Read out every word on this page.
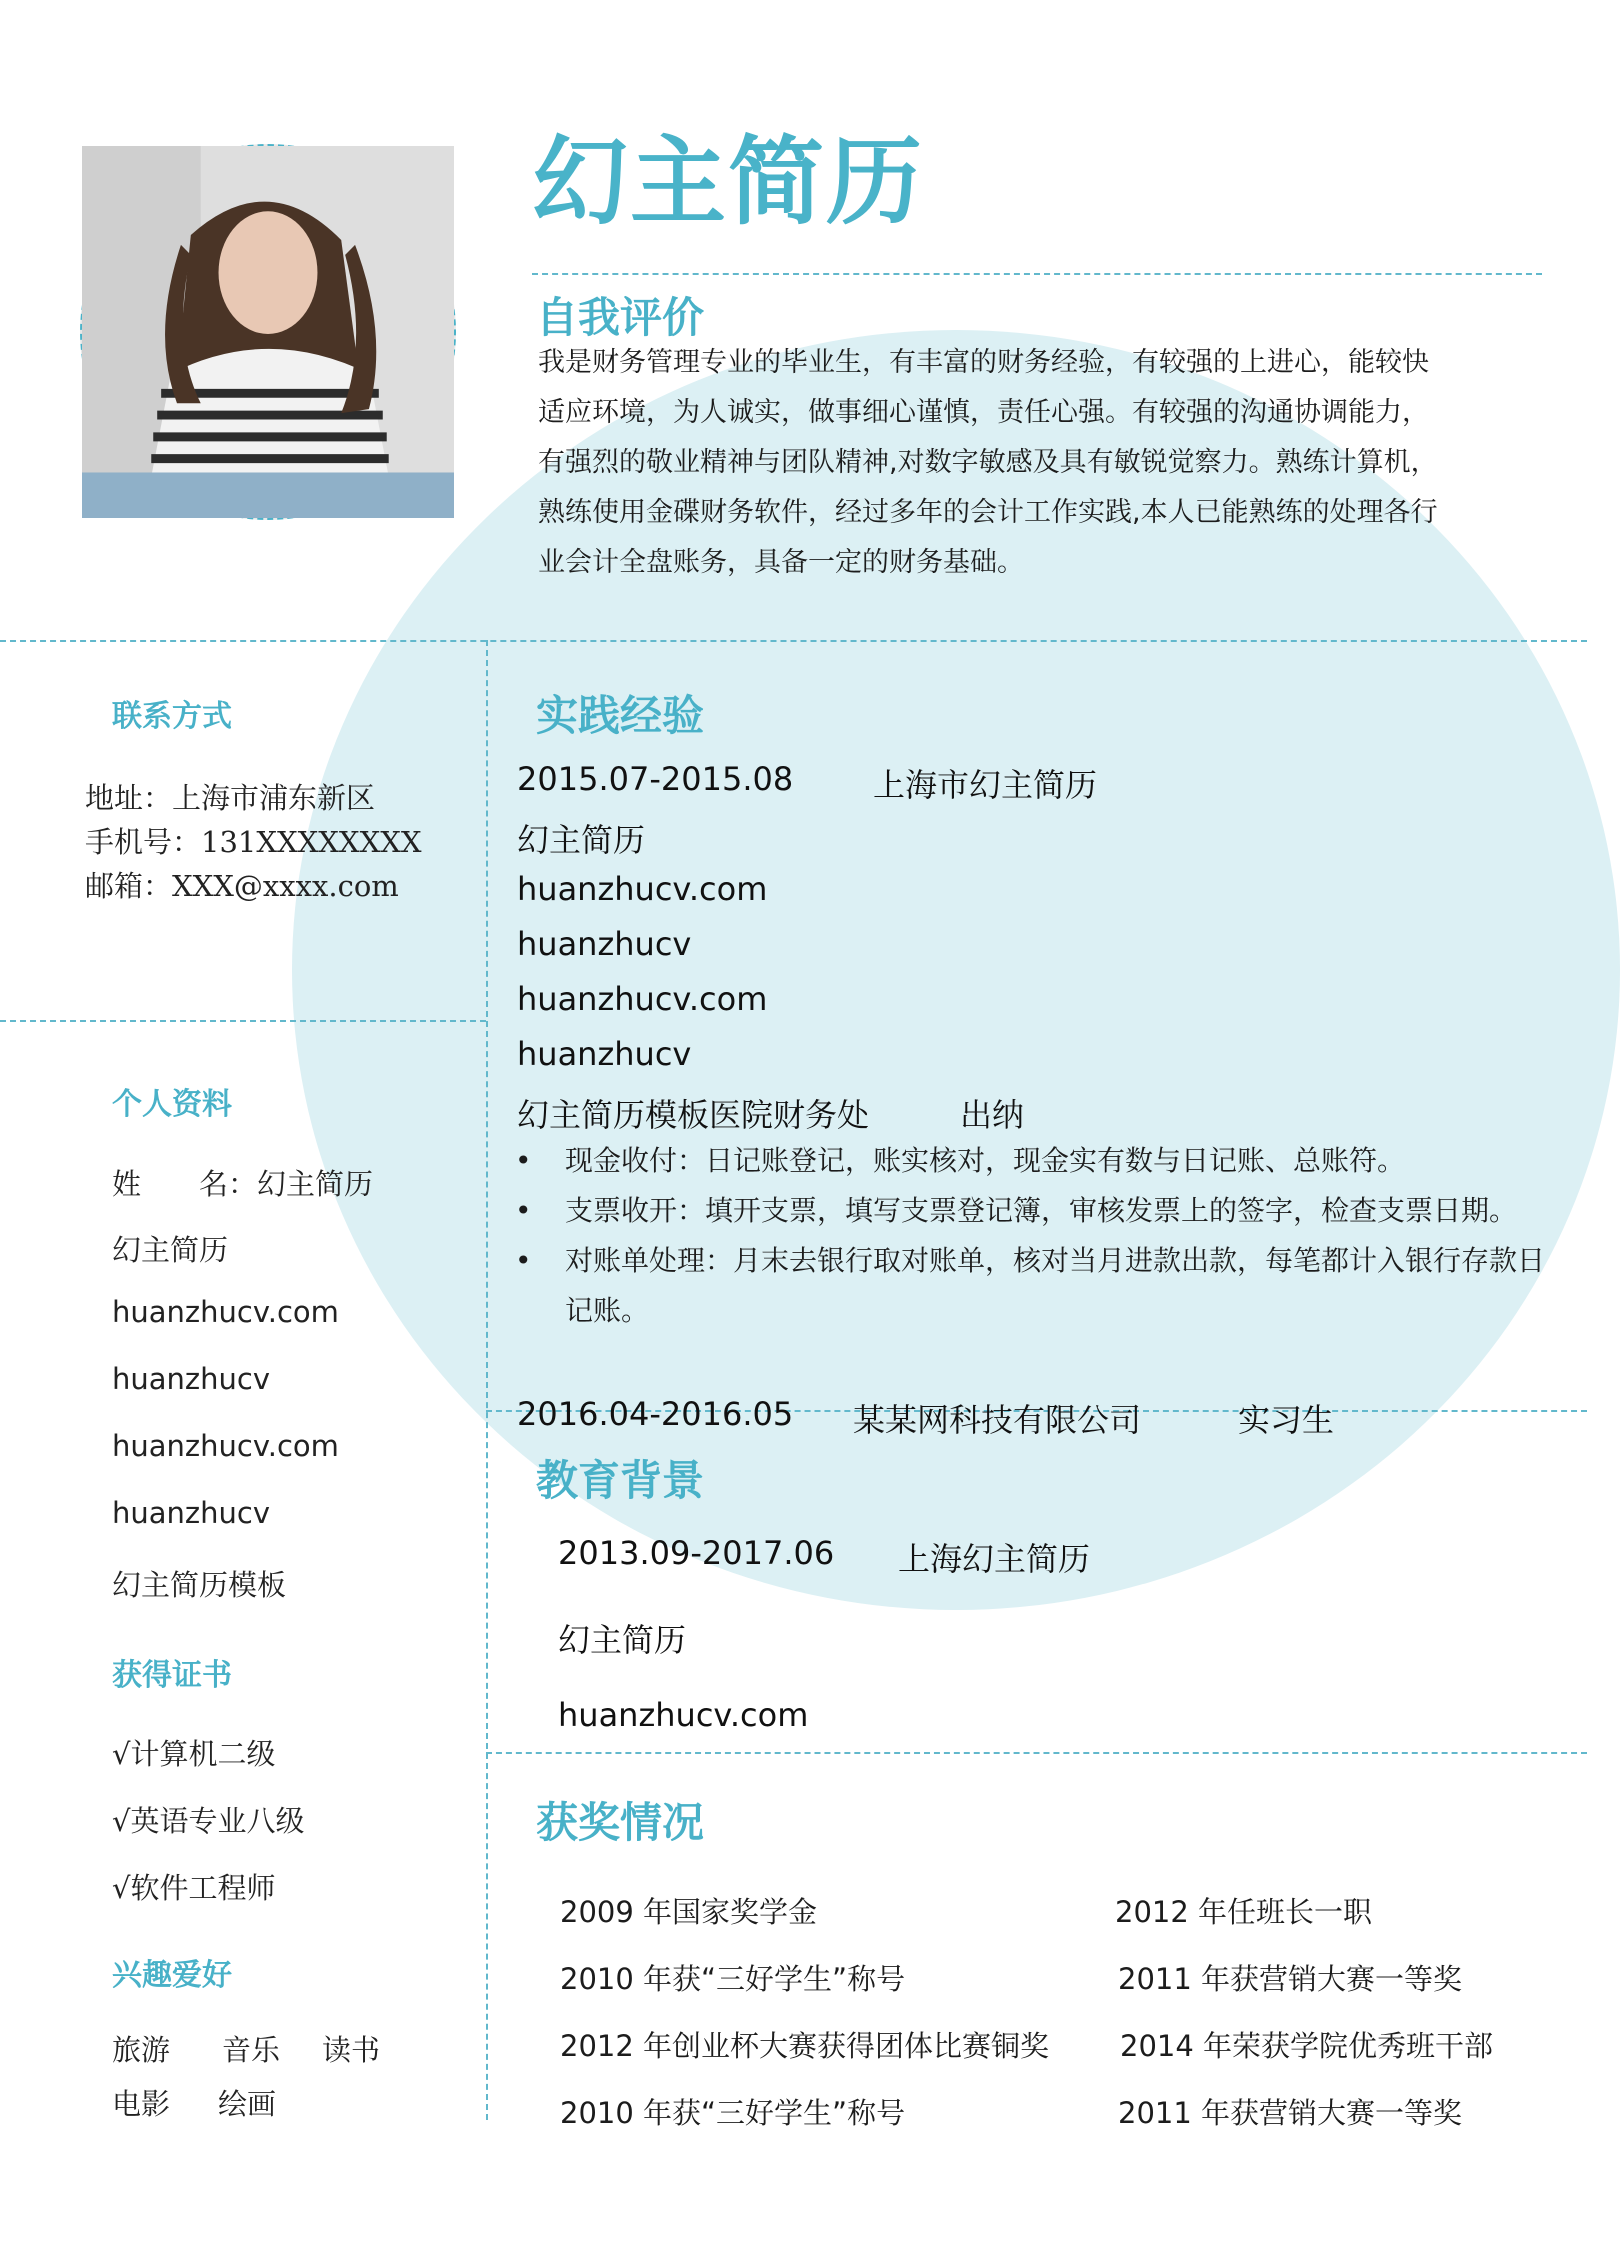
幻主简历
自我评价
我是财务管理专业的毕业生，有丰富的财务经验，有较强的上进心，能较快
适应环境，为人诚实，做事细心谨慎，责任心强。有较强的沟通协调能力，
有强烈的敬业精神与团队精神,对数字敏感及具有敏锐觉察力。熟练计算机，
熟练使用金碟财务软件，经过多年的会计工作实践,本人已能熟练的处理各行
业会计全盘账务，具备一定的财务基础。
联系方式
地址：上海市浦东新区
手机号：131XXXXXXXX
邮箱：XXX@xxxx.com
个人资料
姓　　名：幻主简历
幻主简历
huanzhucv.com
huanzhucv
huanzhucv.com
huanzhucv
幻主简历模板
获得证书
√计算机二级
√英语专业八级
√软件工程师
兴趣爱好
旅游 音乐 读书
电影 绘画
实践经验
2015.07-2015.08 上海市幻主简历
幻主简历
huanzhucv.com
huanzhucv
huanzhucv.com
huanzhucv
幻主简历模板医院财务处	出纳
2016.04-2016.05 某某网科技有限公司	实习生
• 现金收付：日记账登记，账实核对，现金实有数与日记账、总账符。
• 支票收开：填开支票，填写支票登记簿，审核发票上的签字，检查支票日期。
• 对账单处理：月末去银行取对账单，核对当月进款出款，每笔都计入银行存款日记账。
教育背景
2013.09-2017.06 上海幻主简历
幻主简历
huanzhucv.com
获奖情况
2009 年国家奖学金
2010 年获“三好学生”称号
2012 年创业杯大赛获得团体比赛铜奖
2010 年获“三好学生”称号
2012 年任班长一职
2011 年获营销大赛一等奖
2014 年荣获学院优秀班干部
2011 年获营销大赛一等奖
